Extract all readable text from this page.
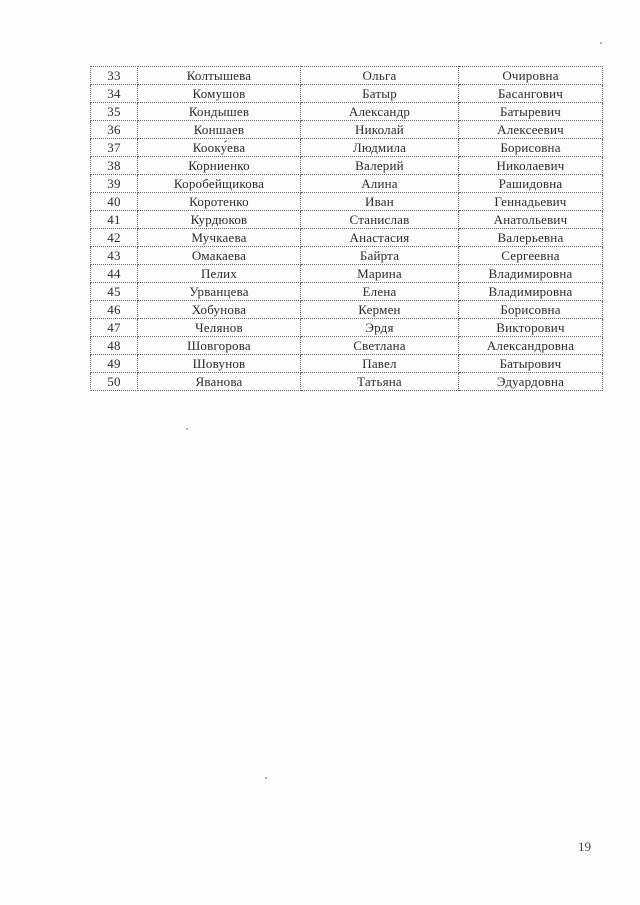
33	Колтышева	Ольга	Очировна
34	Комушов	Батыр	Басангович
35	Кондышев	Александр	Батыревич
36	Коншаев	Николай	Алексеевич
37	Кооку́ева	Людмила	Борисовна
38	Корниенко	Валерий	Николаевич
39	Коробейщикова	Алина	Рашидовна
40	Коротенко	Иван	Геннадьевич
41	Курдюков	Станислав	Анатольевич
42	Мучкаева	Анастасия	Валерьевна
43	Омакаева	Байрта	Сергеевна
44	Пелих	Марина	Владимировна
45	Урванцева	Елена	Владимировна
46	Хобунова	Кермен	Борисовна
47	Челянов	Эрдя	Викторович
48	Шовгорова	Светлана	Александровна
49	Шовунов	Павел	Батырович
50	Яванова	Татьяна	Эдуардовна
19
